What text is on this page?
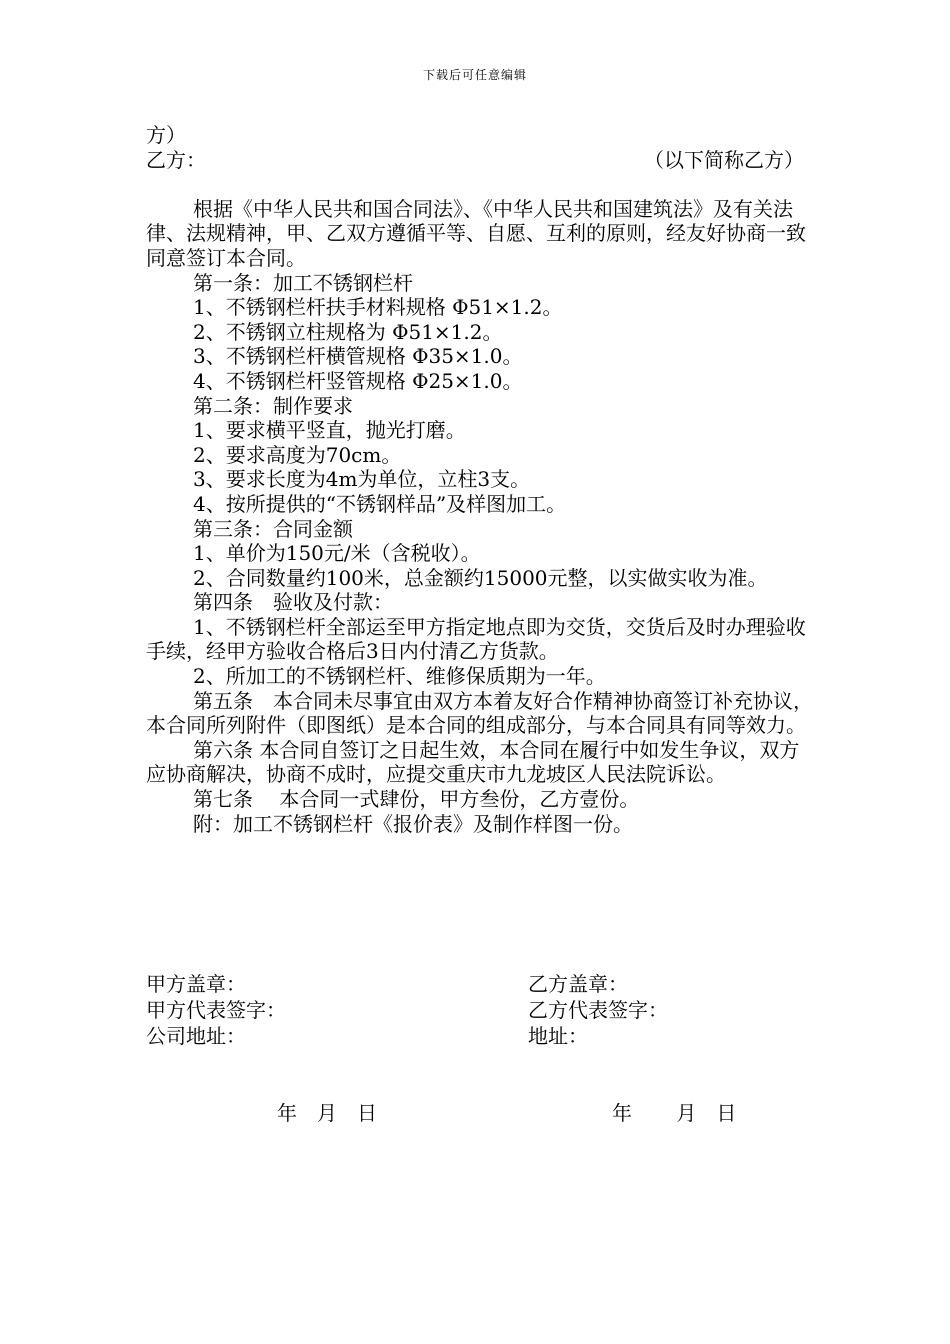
下载后可任意编辑
方）
乙方：	（以下简称乙方）
根据《中华人民共和国合同法》、《中华人民共和国建筑法》及有关法律、法规精神，甲、乙双方遵循平等、自愿、互利的原则，经友好协商一致同意签订本合同。
第一条：加工不锈钢栏杆
1、不锈钢栏杆扶手材料规格 Φ51×1.2。
2、不锈钢立柱规格为 Φ51×1.2。
3、不锈钢栏杆横管规格 Φ35×1.0。
4、不锈钢栏杆竖管规格 Φ25×1.0。
第二条：制作要求
1、要求横平竖直，抛光打磨。
2、要求高度为70cm。
3、要求长度为4m为单位，立柱3支。
4、按所提供的“不锈钢样品”及样图加工。
第三条：合同金额
1、单价为150元/米（含税收）。
2、合同数量约100米，总金额约15000元整，以实做实收为准。
第四条　验收及付款：
1、不锈钢栏杆全部运至甲方指定地点即为交货，交货后及时办理验收手续，经甲方验收合格后3日内付清乙方货款。
2、所加工的不锈钢栏杆、维修保质期为一年。
第五条　本合同未尽事宜由双方本着友好合作精神协商签订补充协议，本合同所列附件（即图纸）是本合同的组成部分，与本合同具有同等效力。
第六条 本合同自签订之日起生效，本合同在履行中如发生争议，双方应协商解决，协商不成时，应提交重庆市九龙坡区人民法院诉讼。
第七条　 本合同一式肆份，甲方叁份，乙方壹份。
附：加工不锈钢栏杆《报价表》及制作样图一份。
甲方盖章：
甲方代表签字：
公司地址：
乙方盖章：
乙方代表签字：
地址：
年　月　日	年　 月　日
